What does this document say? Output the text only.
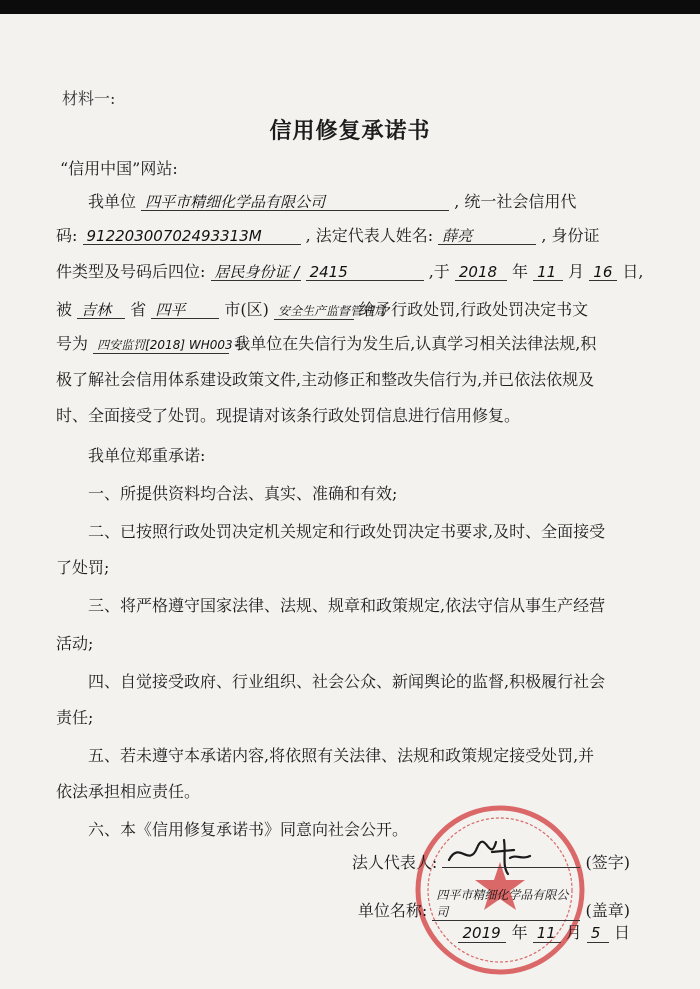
材料一:
信用修复承诺书
“信用中国”网站:
我单位 四平市精细化学品有限公司	, 统一社会信用代
码: 91220300702493313M	, 法定代表人姓名: 薛亮	, 身份证
件类型及号码后四位: 居民身份证 / 2415	,于 2018 年 11 月 16 日,
被 吉林 省 四平 市(区) 安全生产监督管理局 给予行政处罚,行政处罚决定书文
号为 四安监罚[2018] WH003号 我单位在失信行为发生后,认真学习相关法律法规,积
极了解社会信用体系建设政策文件,主动修正和整改失信行为,并已依法依规及
时、全面接受了处罚。现提请对该条行政处罚信息进行信用修复。
我单位郑重承诺:
一、所提供资料均合法、真实、准确和有效;
二、已按照行政处罚决定机关规定和行政处罚决定书要求,及时、全面接受
了处罚;
三、将严格遵守国家法律、法规、规章和政策规定,依法守信从事生产经营
活动;
四、自觉接受政府、行业组织、社会公众、新闻舆论的监督,积极履行社会
责任;
五、若未遵守本承诺内容,将依照有关法律、法规和政策规定接受处罚,并
依法承担相应责任。
六、本《信用修复承诺书》同意向社会公开。
法人代表人:	(签字)
单位名称: 四平市精细化学品有限公司	(盖章)
2019 年 11 月 5 日
